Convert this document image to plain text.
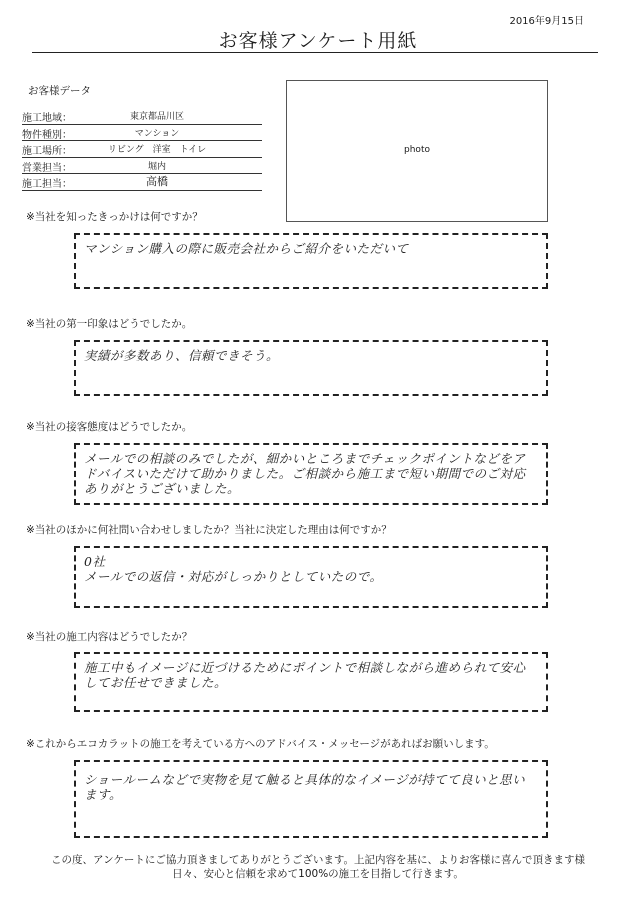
2016年9月15日
お客様アンケート用紙
お客様データ
施工地域：	東京都品川区
物件種別：	マンション
施工場所：	リビング　洋室　トイレ
営業担当：	堀内
施工担当：	高橋
photo
※当社を知ったきっかけは何ですか？
マンション購入の際に販売会社からご紹介をいただいて
※当社の第一印象はどうでしたか。
実績が多数あり、信頼できそう。
※当社の接客態度はどうでしたか。
メールでの相談のみでしたが、細かいところまでチェックポイントなどをアドバイスいただけて助かりました。ご相談から施工まで短い期間でのご対応ありがとうございました。
※当社のほかに何社問い合わせしましたか？当社に決定した理由は何ですか？
0社
メールでの返信・対応がしっかりとしていたので。
※当社の施工内容はどうでしたか？
施工中もイメージに近づけるためにポイントで相談しながら進められて安心してお任せできました。
※これからエコカラットの施工を考えている方へのアドバイス・メッセージがあればお願いします。
ショールームなどで実物を見て触ると具体的なイメージが持てて良いと思います。
この度、アンケートにご協力頂きましてありがとうございます。上記内容を基に、よりお客様に喜んで頂きます様
日々、安心と信頼を求めて100%の施工を目指して行きます。
